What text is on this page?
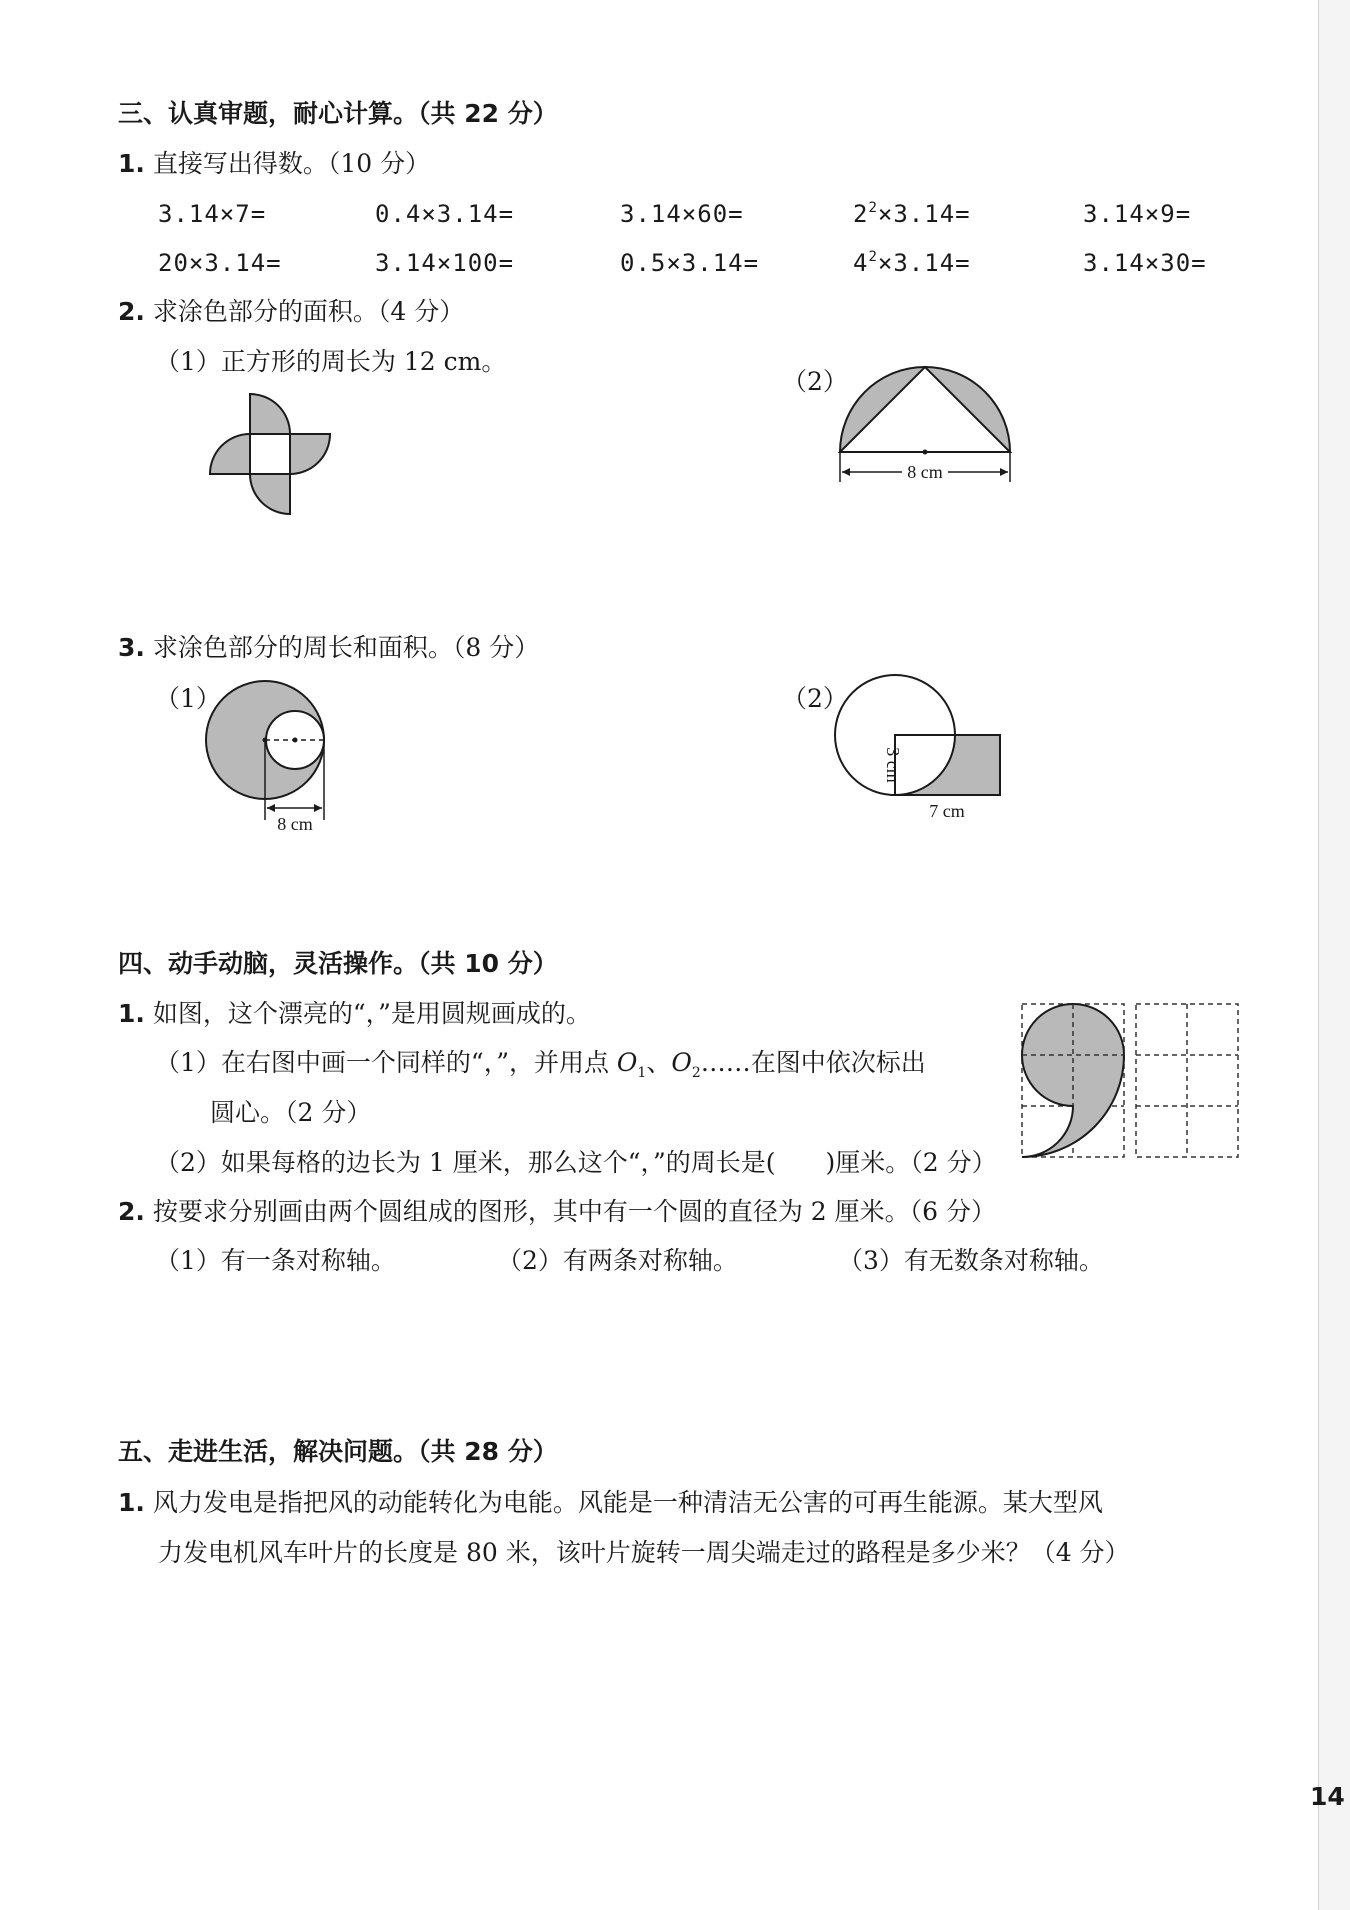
14
三、认真审题，耐心计算。（共 22 分）
1. 直接写出得数。（10 分）
3.14×7=	0.4×3.14=	3.14×60=	$2^2\times 3.14=$	3.14×9=
20×3.14=	3.14×100=	0.5×3.14=	$4^2\times 3.14=$	3.14×30=
2. 求涂色部分的面积。（4 分）
（1）正方形的周长为 12 cm。
（2）
8 cm
3. 求涂色部分的周长和面积。（8 分）
（1）	（2）
8 cm
3 cm
7 cm
四、动手动脑，灵活操作。（共 10 分）
1. 如图，这个漂亮的“，”是用圆规画成的。
（1）在右图中画一个同样的“，”，并用点 $O_1$、$O_2\dots\dots$在图中依次标出
圆心。（2 分）
（2）如果每格的边长为 1 厘米，那么这个“，”的周长是(　　)厘米。（2 分）
2. 按要求分别画由两个圆组成的图形，其中有一个圆的直径为 2 厘米。（6 分）
（1）有一条对称轴。	（2）有两条对称轴。	（3）有无数条对称轴。
五、走进生活，解决问题。（共 28 分）
1. 风力发电是指把风的动能转化为电能。风能是一种清洁无公害的可再生能源。某大型风
力发电机风车叶片的长度是 80 米，该叶片旋转一周尖端走过的路程是多少米？（4 分）
